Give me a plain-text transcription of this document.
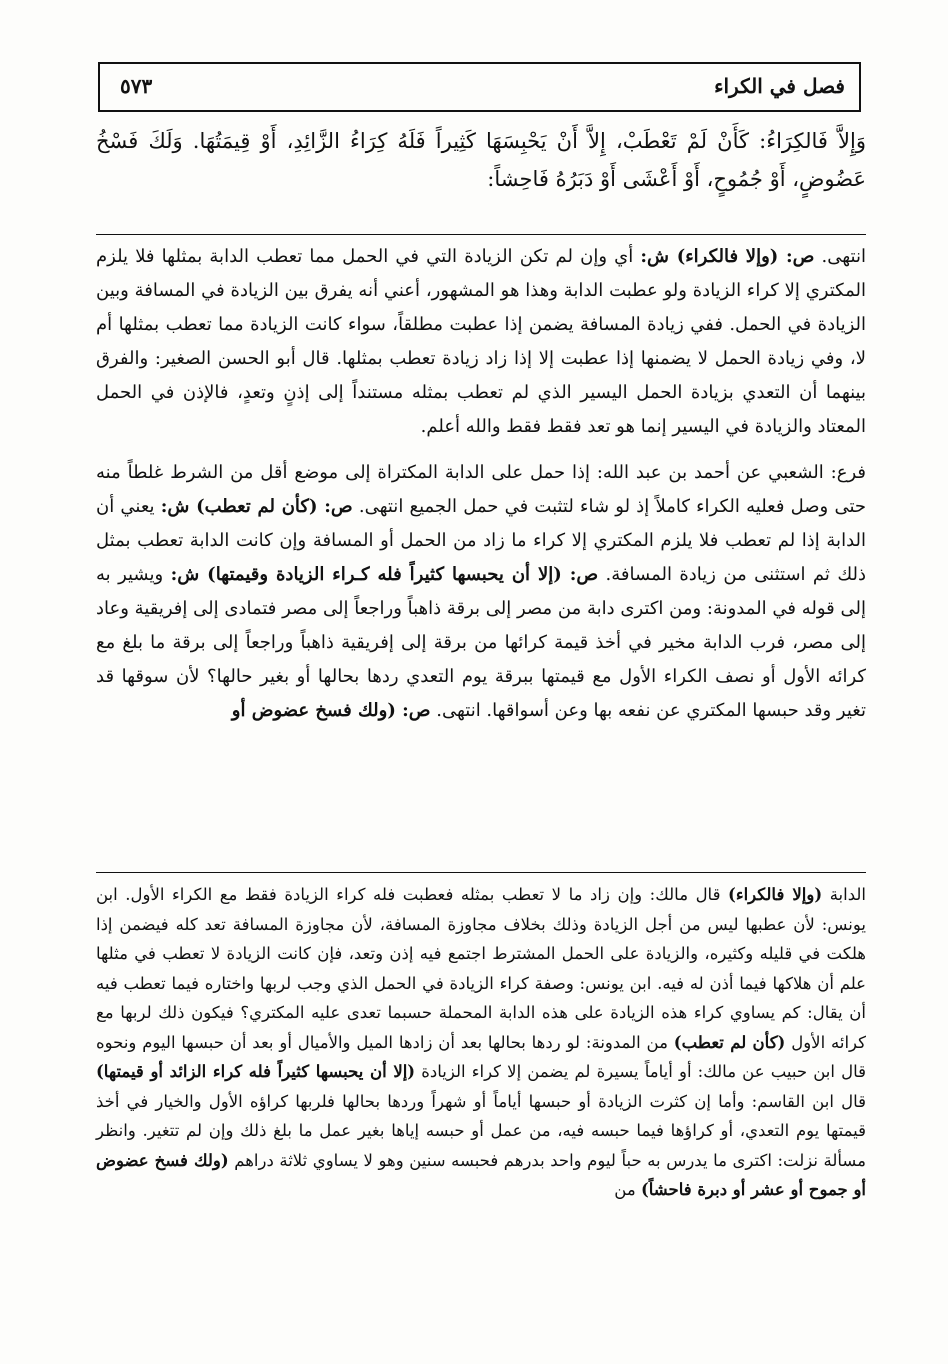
فصل في الكراء
٥٧٣
وَإِلاَّ فَالكِرَاءُ: كَأَنْ لَمْ تَعْطَبْ، إِلاَّ أَنْ يَحْبِسَهَا كَثِيراً فَلَهُ كِرَاءُ الزَّائِدِ، أَوْ قِيمَتُهَا. وَلَكَ فَسْخُ عَضُوضٍ، أَوْ جُمُوحٍ، أَوْ أَعْشَى أَوْ دَبَرُهُ فَاحِشاً:

انتهى. ص: (وإلا فالكراء) ش: أي وإن لم تكن الزيادة التي في الحمل مما تعطب الدابة بمثلها فلا يلزم المكتري إلا كراء الزيادة ولو عطبت الدابة وهذا هو المشهور، أعني أنه يفرق بين الزيادة في المسافة وبين الزيادة في الحمل. ففي زيادة المسافة يضمن إذا عطبت مطلقاً، سواء كانت الزيادة مما تعطب بمثلها أم لا، وفي زيادة الحمل لا يضمنها إذا عطبت إلا إذا زاد زيادة تعطب بمثلها. قال أبو الحسن الصغير: والفرق بينهما أن التعدي بزيادة الحمل اليسير الذي لم تعطب بمثله مستنداً إلى إذنٍ وتعدٍ، فالإذن في الحمل المعتاد والزيادة في اليسير إنما هو تعد فقط فقط والله أعلم.

فرع: الشعبي عن أحمد بن عبد الله: إذا حمل على الدابة المكتراة إلى موضع أقل من الشرط غلطاً منه حتى وصل فعليه الكراء كاملاً إذ لو شاء لتثبت في حمل الجميع انتهى. ص: (كأن لم تعطب) ش: يعني أن الدابة إذا لم تعطب فلا يلزم المكتري إلا كراء ما زاد من الحمل أو المسافة وإن كانت الدابة تعطب بمثل ذلك ثم استثنى من زيادة المسافة. ص: (إلا أن يحبسها كثيراً فله كـراء الزيادة وقيمتها) ش: ويشير به إلى قوله في المدونة: ومن اكترى دابة من مصر إلى برقة ذاهباً وراجعاً إلى مصر فتمادى إلى إفريقية وعاد إلى مصر، فرب الدابة مخير في أخذ قيمة كرائها من برقة إلى إفريقية ذاهباً وراجعاً إلى برقة ما بلغ مع كرائه الأول أو نصف الكراء الأول مع قيمتها ببرقة يوم التعدي ردها بحالها أو بغير حالها؟ لأن سوقها قد تغير وقد حبسها المكتري عن نفعه بها وعن أسواقها. انتهى. ص: (ولك فسخ عضوض أو

الدابة (وإلا فالكراء) قال مالك: وإن زاد ما لا تعطب بمثله فعطبت فله كراء الزيادة فقط مع الكراء الأول. ابن يونس: لأن عطبها ليس من أجل الزيادة وذلك بخلاف مجاوزة المسافة، لأن مجاوزة المسافة تعد كله فيضمن إذا هلكت في قليله وكثيره، والزيادة على الحمل المشترط اجتمع فيه إذن وتعد، فإن كانت الزيادة لا تعطب في مثلها علم أن هلاكها فيما أذن له فيه. ابن يونس: وصفة كراء الزيادة في الحمل الذي وجب لربها واختاره فيما تعطب فيه أن يقال: كم يساوي كراء هذه الزيادة على هذه الدابة المحملة حسبما تعدى عليه المكتري؟ فيكون ذلك لربها مع كرائه الأول (كأن لم تعطب) من المدونة: لو ردها بحالها بعد أن زادها الميل والأميال أو بعد أن حبسها اليوم ونحوه قال ابن حبيب عن مالك: أو أياماً يسيرة لم يضمن إلا كراء الزيادة (إلا أن يحبسها كثيراً فله كراء الزائد أو قيمتها) قال ابن القاسم: وأما إن كثرت الزيادة أو حبسها أياماً أو شهراً وردها بحالها فلربها كراؤه الأول والخيار في أخذ قيمتها يوم التعدي، أو كراؤها فيما حبسه فيه، من عمل أو حبسه إياها بغير عمل ما بلغ ذلك وإن لم تتغير. وانظر مسألة نزلت: اكترى ما يدرس به حباً ليوم واحد بدرهم فحبسه سنين وهو لا يساوي ثلاثة دراهم (ولك فسخ عضوض أو جموح أو عشر أو دبرة فاحشاً) من
